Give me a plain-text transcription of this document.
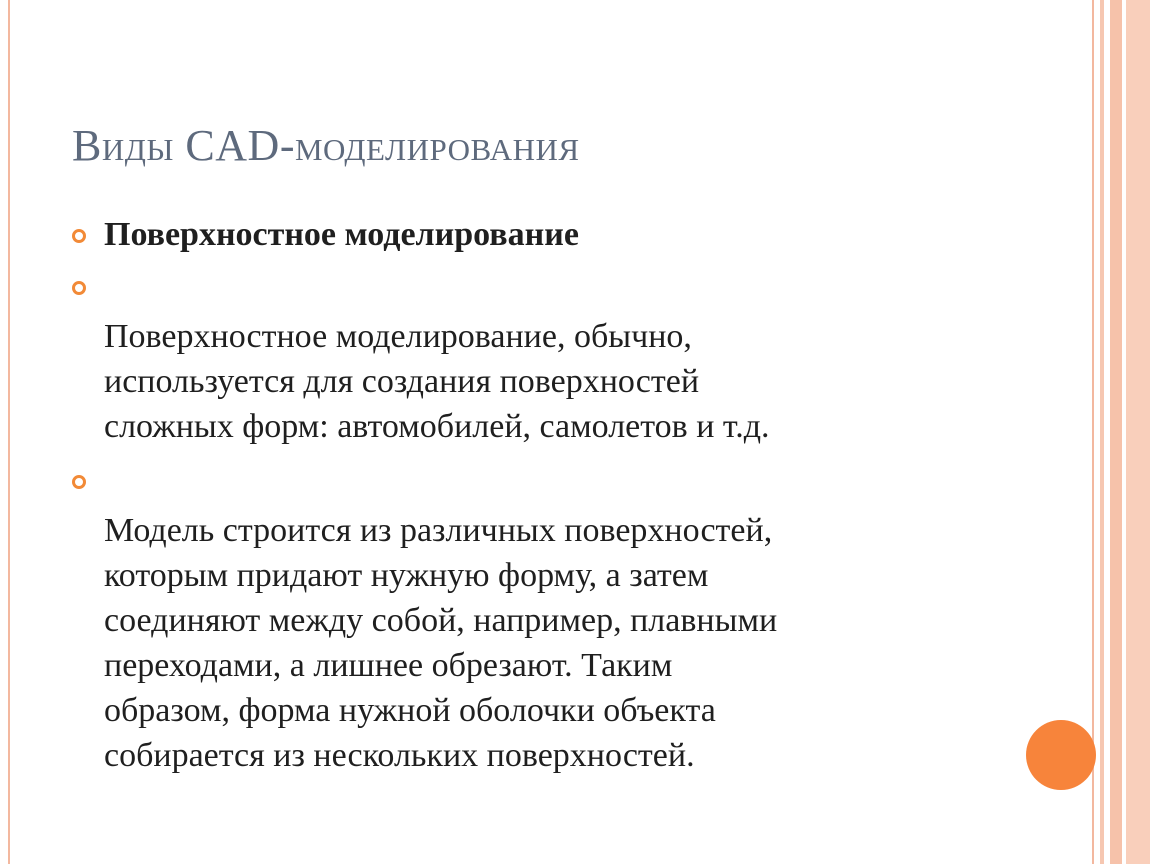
Виды CAD-моделирования

Поверхностное моделирование

Поверхностное моделирование, обычно,
используется для создания поверхностей
сложных форм: автомобилей, самолетов и т.д.
Модель строится из различных поверхностей,
которым придают нужную форму, а затем
соединяют между собой, например, плавными
переходами, а лишнее обрезают. Таким
образом, форма нужной оболочки объекта
собирается из нескольких поверхностей.
